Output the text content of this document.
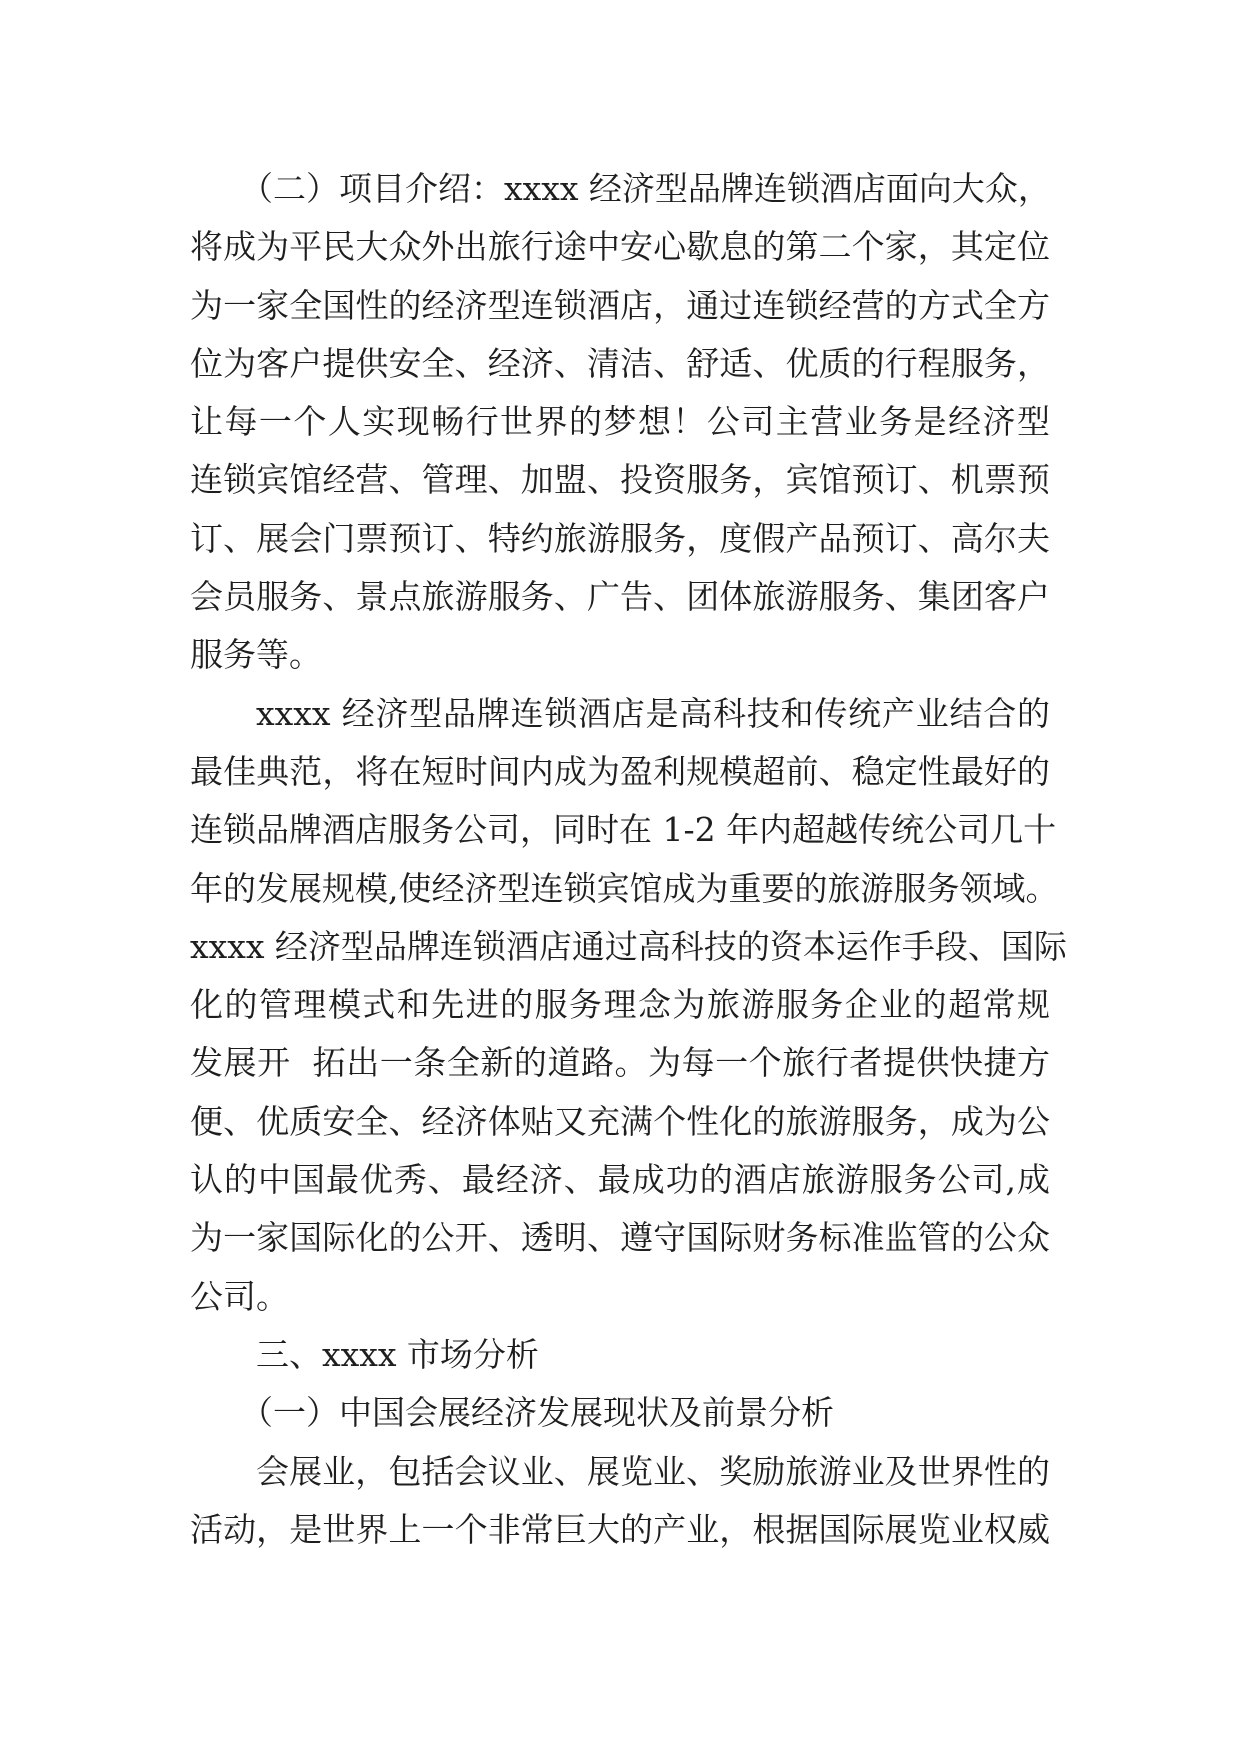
（二）项目介绍：xxxx 经济型品牌连锁酒店面向大众，
将成为平民大众外出旅行途中安心歇息的第二个家，其定位
为一家全国性的经济型连锁酒店，通过连锁经营的方式全方
位为客户提供安全、经济、清洁、舒适、优质的行程服务，
让每一个人实现畅行世界的梦想！公司主营业务是经济型
连锁宾馆经营、管理、加盟、投资服务，宾馆预订、机票预
订、展会门票预订、特约旅游服务，度假产品预订、高尔夫
会员服务、景点旅游服务、广告、团体旅游服务、集团客户
服务等。
xxxx 经济型品牌连锁酒店是高科技和传统产业结合的
最佳典范，将在短时间内成为盈利规模超前、稳定性最好的
连锁品牌酒店服务公司，同时在 1-2 年内超越传统公司几十
年的发展规模,使经济型连锁宾馆成为重要的旅游服务领域。
xxxx 经济型品牌连锁酒店通过高科技的资本运作手段、国际
化的管理模式和先进的服务理念为旅游服务企业的超常规
发展开  拓出一条全新的道路。为每一个旅行者提供快捷方
便、优质安全、经济体贴又充满个性化的旅游服务，成为公
认的中国最优秀、最经济、最成功的酒店旅游服务公司,成
为一家国际化的公开、透明、遵守国际财务标准监管的公众
公司。
三、xxxx 市场分析
（一）中国会展经济发展现状及前景分析
会展业，包括会议业、展览业、奖励旅游业及世界性的
活动，是世界上一个非常巨大的产业，根据国际展览业权威
